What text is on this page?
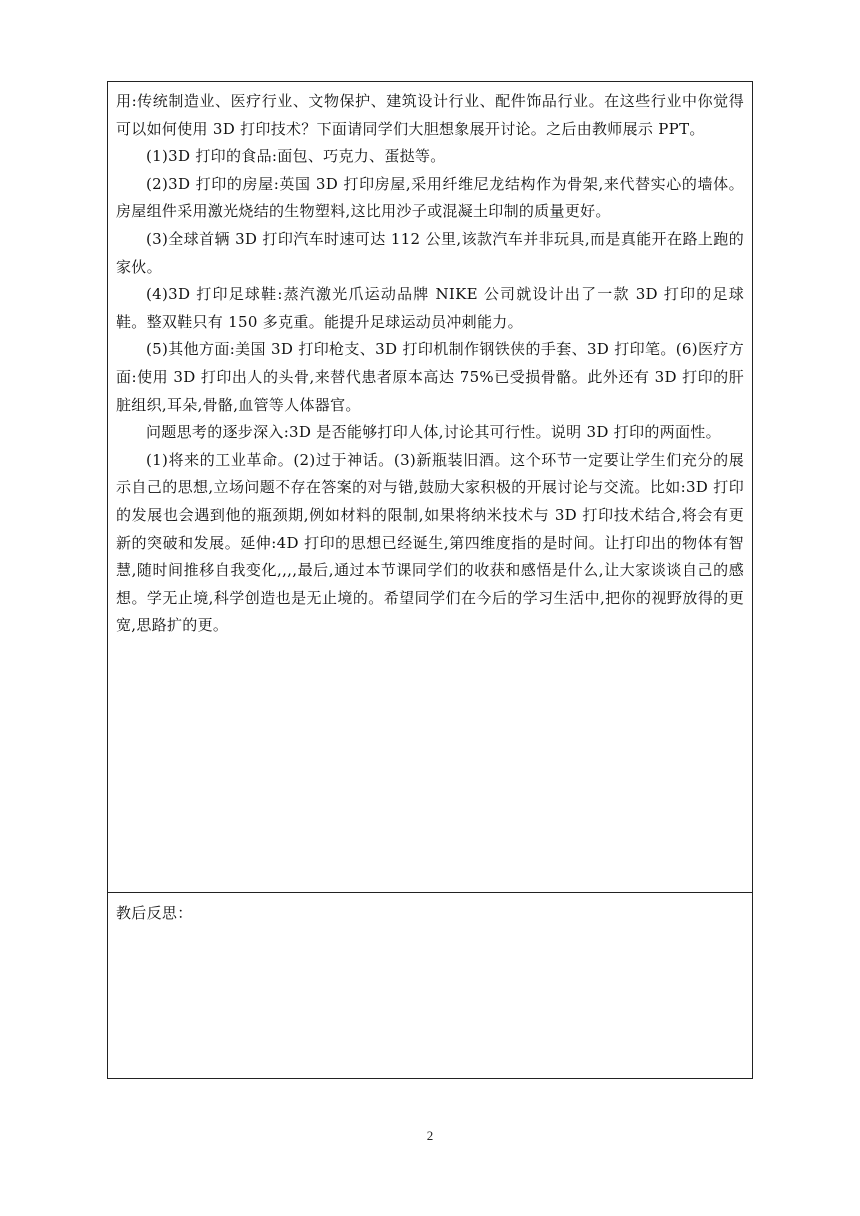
用:传统制造业、医疗行业、文物保护、建筑设计行业、配件饰品行业。在这些行业中你觉得可以如何使用 3D 打印技术？下面请同学们大胆想象展开讨论。之后由教师展示 PPT。

(1)3D 打印的食品:面包、巧克力、蛋挞等。

(2)3D 打印的房屋:英国 3D 打印房屋,采用纤维尼龙结构作为骨架,来代替实心的墙体。房屋组件采用激光烧结的生物塑料,这比用沙子或混凝土印制的质量更好。

(3)全球首辆 3D 打印汽车时速可达 112 公里,该款汽车并非玩具,而是真能开在路上跑的家伙。

(4)3D 打印足球鞋:蒸汽激光爪运动品牌 NIKE 公司就设计出了一款 3D 打印的足球鞋。整双鞋只有 150 多克重。能提升足球运动员冲刺能力。

(5)其他方面:美国 3D 打印枪支、3D 打印机制作钢铁侠的手套、3D 打印笔。(6)医疗方面:使用 3D 打印出人的头骨,来替代患者原本高达 75%已受损骨骼。此外还有 3D 打印的肝脏组织,耳朵,骨骼,血管等人体器官。

问题思考的逐步深入:3D 是否能够打印人体,讨论其可行性。说明 3D 打印的两面性。

(1)将来的工业革命。(2)过于神话。(3)新瓶装旧酒。这个环节一定要让学生们充分的展示自己的思想,立场问题不存在答案的对与错,鼓励大家积极的开展讨论与交流。比如:3D 打印的发展也会遇到他的瓶颈期,例如材料的限制,如果将纳米技术与 3D 打印技术结合,将会有更新的突破和发展。延伸:4D 打印的思想已经诞生,第四维度指的是时间。让打印出的物体有智慧,随时间推移自我变化,,,,最后,通过本节课同学们的收获和感悟是什么,让大家谈谈自己的感想。学无止境,科学创造也是无止境的。希望同学们在今后的学习生活中,把你的视野放得的更宽,思路扩的更。

教后反思：
2
